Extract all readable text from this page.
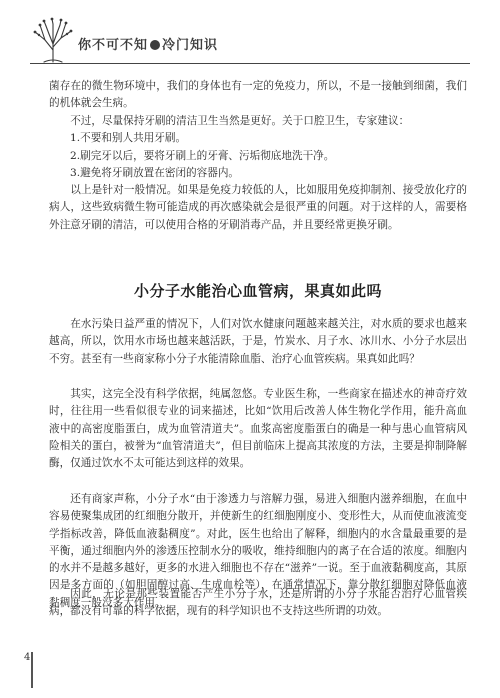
你不可不知 冷门知识

菌存在的微生物环境中，我们的身体也有一定的免疫力，所以，不是一接触到细菌，我们的机体就会生病。

不过，尽量保持牙刷的清洁卫生当然是更好。关于口腔卫生，专家建议：

1.不要和别人共用牙刷。

2.刷完牙以后，要将牙刷上的牙膏、污垢彻底地洗干净。

3.避免将牙刷放置在密闭的容器内。

以上是针对一般情况。如果是免疫力较低的人，比如服用免疫抑制剂、接受放化疗的病人，这些致病微生物可能造成的再次感染就会是很严重的问题。对于这样的人，需要格外注意牙刷的清洁，可以使用合格的牙刷消毒产品，并且要经常更换牙刷。

小分子水能治心血管病，果真如此吗

在水污染日益严重的情况下，人们对饮水健康问题越来越关注，对水质的要求也越来越高，所以，饮用水市场也越来越活跃，于是，竹炭水、月子水、冰川水、小分子水层出不穷。甚至有一些商家称小分子水能清除血脂、治疗心血管疾病。果真如此吗？

其实，这完全没有科学依据，纯属忽悠。专业医生称，一些商家在描述水的神奇疗效时，往往用一些看似很专业的词来描述，比如“饮用后改善人体生物化学作用，能升高血液中的高密度脂蛋白，成为血管清道夫”。血浆高密度脂蛋白的确是一种与患心血管病风险相关的蛋白，被誉为“血管清道夫”，但目前临床上提高其浓度的方法，主要是抑制降解酶，仅通过饮水不太可能达到这样的效果。

还有商家声称，小分子水“由于渗透力与溶解力强，易进入细胞内滋养细胞，在血中容易使聚集成团的红细胞分散开，并使新生的红细胞刚度小、变形性大，从而使血液流变学指标改善，降低血液黏稠度”。对此，医生也给出了解释，细胞内的水含量最重要的是平衡，通过细胞内外的渗透压控制水分的吸收，维持细胞内的离子在合适的浓度。细胞内的水并不是越多越好，更多的水进入细胞也不存在“滋养”一说。至于血液黏稠度高，其原因是多方面的（如胆固醇过高、生成血栓等），在通常情况下，靠分散红细胞对降低血液黏稠度一般没多大作用。

因此，无论是那些装置能否产生小分子水，还是所谓的小分子水能否治疗心血管疾病，都没有可靠的科学依据，现有的科学知识也不支持这些所谓的功效。

4
